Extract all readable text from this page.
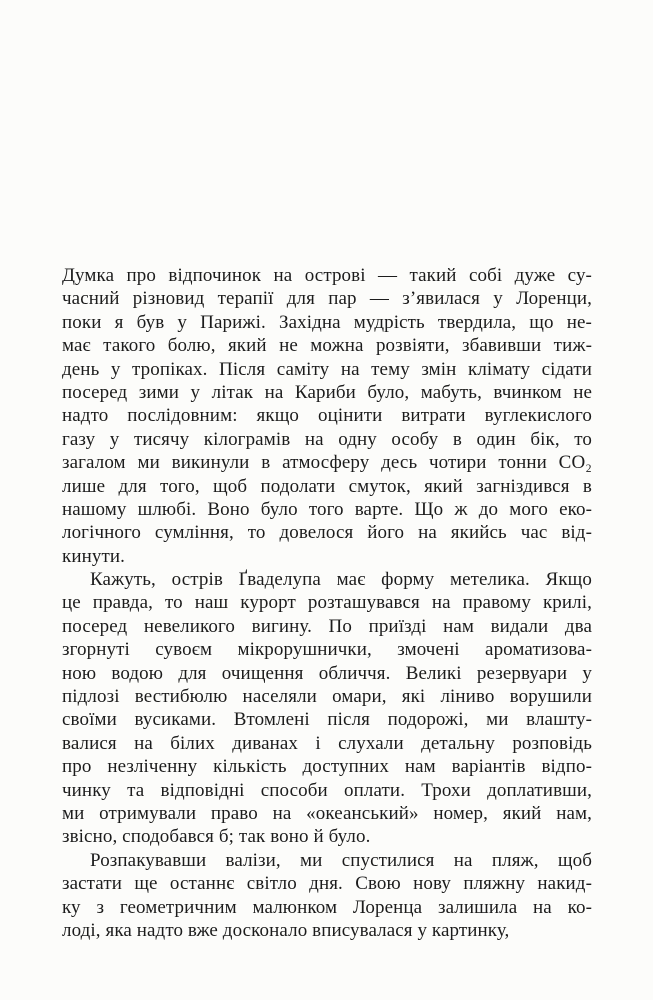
Думка про відпочинок на острові — такий собі дуже су-
часний різновид терапії для пар — з’явилася у Лоренци,
поки я був у Парижі. Західна мудрість твердила, що не-
має такого болю, який не можна розвіяти, збавивши тиж-
день у тропіках. Після саміту на тему змін клімату сідати
посеред зими у літак на Кариби було, мабуть, вчинком не
надто послідовним: якщо оцінити витрати вуглекислого
газу у тисячу кілограмів на одну особу в один бік, то
загалом ми викинули в атмосферу десь чотири тонни CO₂
лише для того, щоб подолати смуток, який загніздився в
нашому шлюбі. Воно було того варте. Що ж до мого еко-
логічного сумління, то довелося його на якийсь час від-
кинути.
Кажуть, острів Ґваделупа має форму метелика. Якщо
це правда, то наш курорт розташувався на правому крилі,
посеред невеликого вигину. По приїзді нам видали два
згорнуті сувоєм мікрорушнички, змочені ароматизова-
ною водою для очищення обличчя. Великі резервуари у
підлозі вестибюлю населяли омари, які ліниво ворушили
своїми вусиками. Втомлені після подорожі, ми влашту-
валися на білих диванах і слухали детальну розповідь
про незліченну кількість доступних нам варіантів відпо-
чинку та відповідні способи оплати. Трохи доплативши,
ми отримували право на «океанський» номер, який нам,
звісно, сподобався б; так воно й було.
Розпакувавши валізи, ми спустилися на пляж, щоб
застати ще останнє світло дня. Свою нову пляжну накид-
ку з геометричним малюнком Лоренца залишила на ко-
лоді, яка надто вже досконало вписувалася у картинку,
